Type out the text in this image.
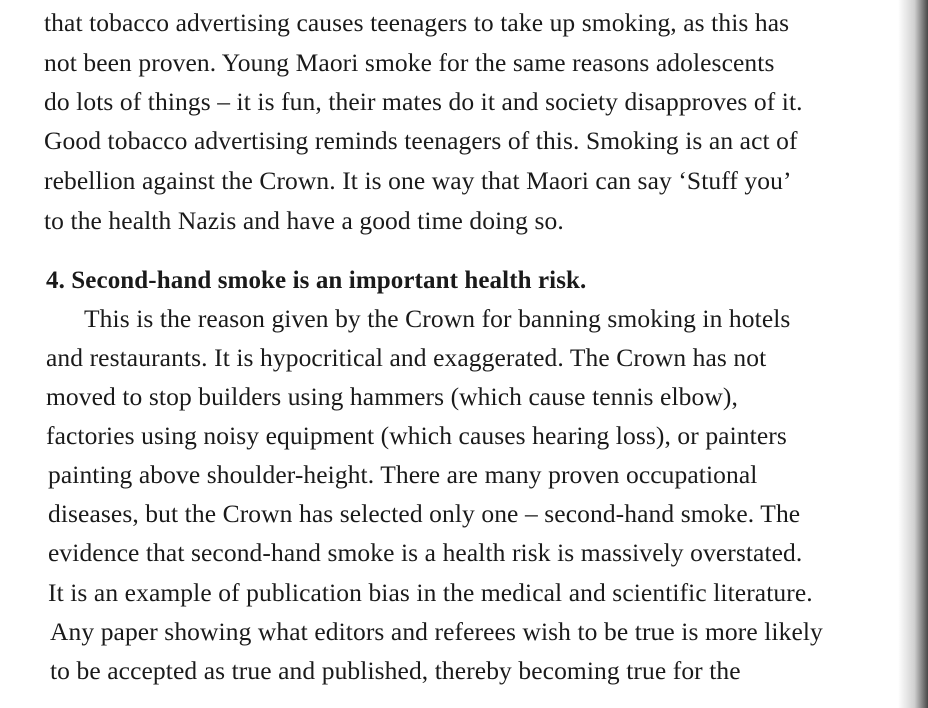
that tobacco advertising causes teenagers to take up smoking, as this has
not been proven. Young Maori smoke for the same reasons adolescents
do lots of things – it is fun, their mates do it and society disapproves of it.
Good tobacco advertising reminds teenagers of this. Smoking is an act of
rebellion against the Crown. It is one way that Maori can say ‘Stuff you’
to the health Nazis and have a good time doing so.
4. Second-hand smoke is an important health risk.
This is the reason given by the Crown for banning smoking in hotels
and restaurants. It is hypocritical and exaggerated. The Crown has not
moved to stop builders using hammers (which cause tennis elbow),
factories using noisy equipment (which causes hearing loss), or painters
painting above shoulder-height. There are many proven occupational
diseases, but the Crown has selected only one – second-hand smoke. The
evidence that second-hand smoke is a health risk is massively overstated.
It is an example of publication bias in the medical and scientific literature.
Any paper showing what editors and referees wish to be true is more likely
to be accepted as true and published, thereby becoming true for the
